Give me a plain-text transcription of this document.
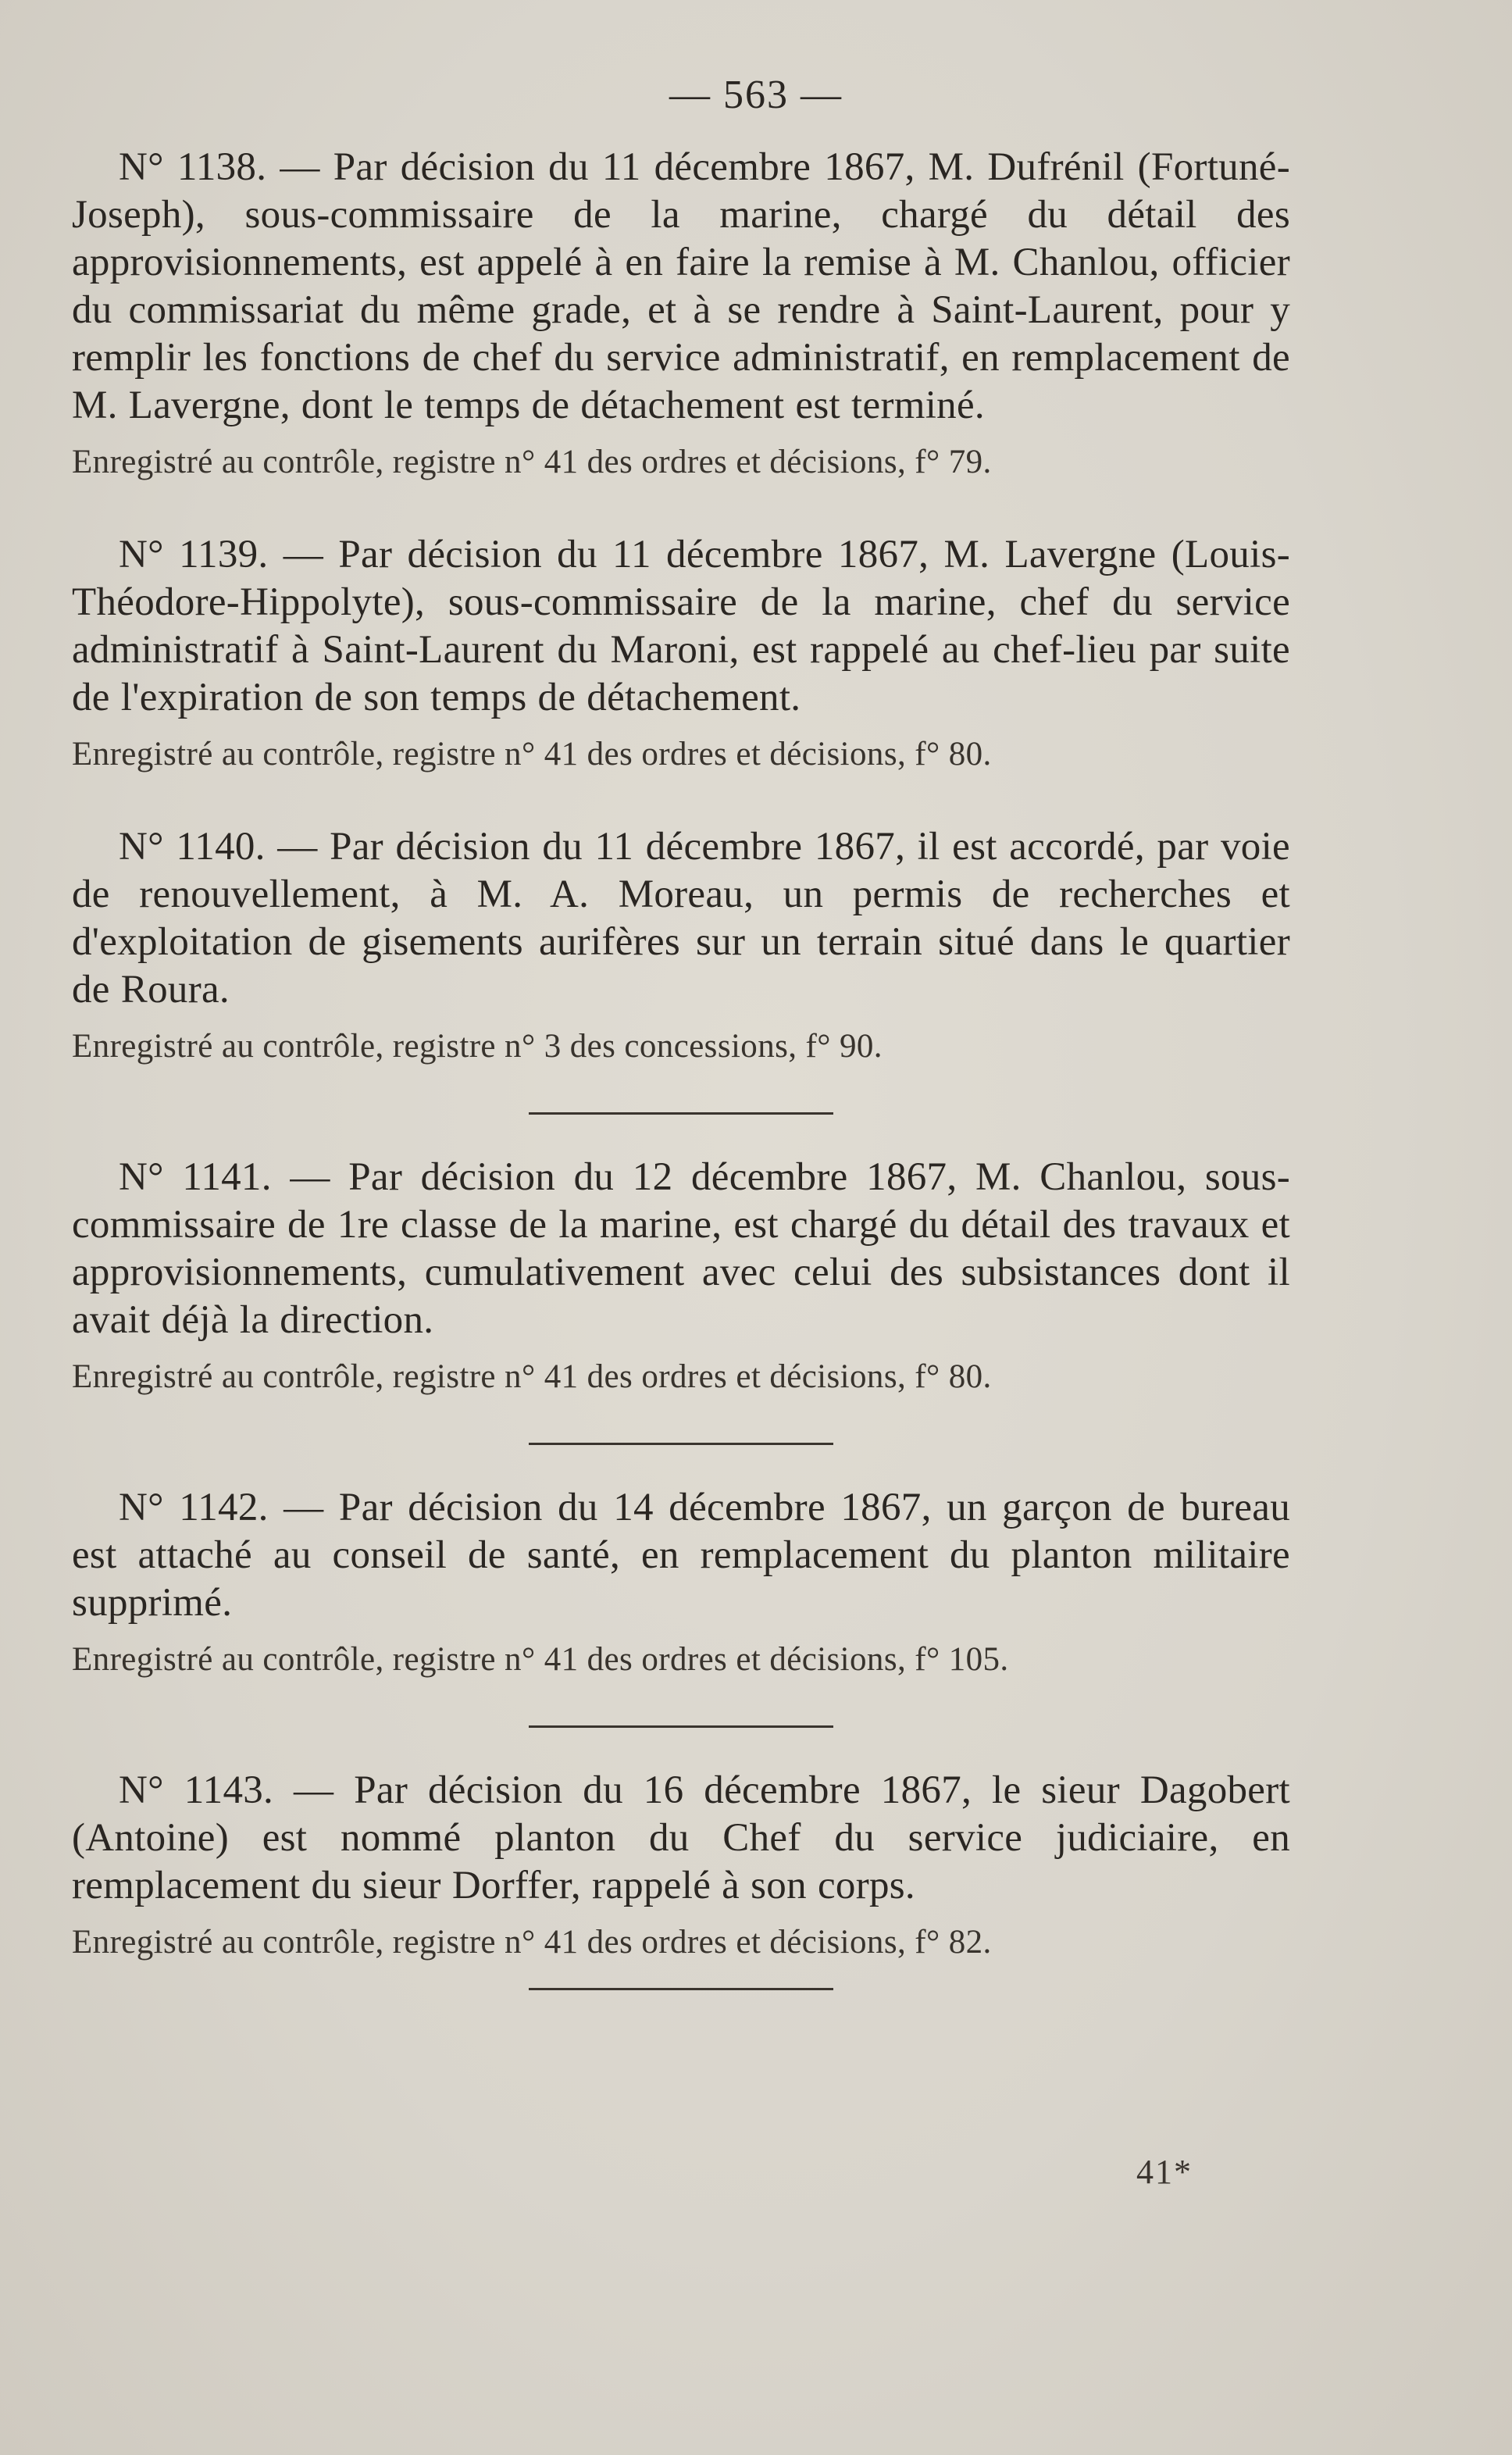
— 563 —

N° 1138. — Par décision du 11 décembre 1867, M. Dufrénil (Fortuné-Joseph), sous-commissaire de la marine, chargé du détail des approvisionnements, est appelé à en faire la remise à M. Chanlou, officier du commissariat du même grade, et à se rendre à Saint-Laurent, pour y remplir les fonctions de chef du service administratif, en remplacement de M. Lavergne, dont le temps de détachement est terminé.

Enregistré au contrôle, registre n° 41 des ordres et décisions, f° 79.

N° 1139. — Par décision du 11 décembre 1867, M. Lavergne (Louis-Théodore-Hippolyte), sous-commissaire de la marine, chef du service administratif à Saint-Laurent du Maroni, est rappelé au chef-lieu par suite de l'expiration de son temps de détachement.

Enregistré au contrôle, registre n° 41 des ordres et décisions, f° 80.

N° 1140. — Par décision du 11 décembre 1867, il est accordé, par voie de renouvellement, à M. A. Moreau, un permis de recherches et d'exploitation de gisements aurifères sur un terrain situé dans le quartier de Roura.

Enregistré au contrôle, registre n° 3 des concessions, f° 90.

N° 1141. — Par décision du 12 décembre 1867, M. Chanlou, sous-commissaire de 1re classe de la marine, est chargé du détail des travaux et approvisionnements, cumulativement avec celui des subsistances dont il avait déjà la direction.

Enregistré au contrôle, registre n° 41 des ordres et décisions, f° 80.

N° 1142. — Par décision du 14 décembre 1867, un garçon de bureau est attaché au conseil de santé, en remplacement du planton militaire supprimé.

Enregistré au contrôle, registre n° 41 des ordres et décisions, f° 105.

N° 1143. — Par décision du 16 décembre 1867, le sieur Dagobert (Antoine) est nommé planton du Chef du service judiciaire, en remplacement du sieur Dorffer, rappelé à son corps.

Enregistré au contrôle, registre n° 41 des ordres et décisions, f° 82.

41*
